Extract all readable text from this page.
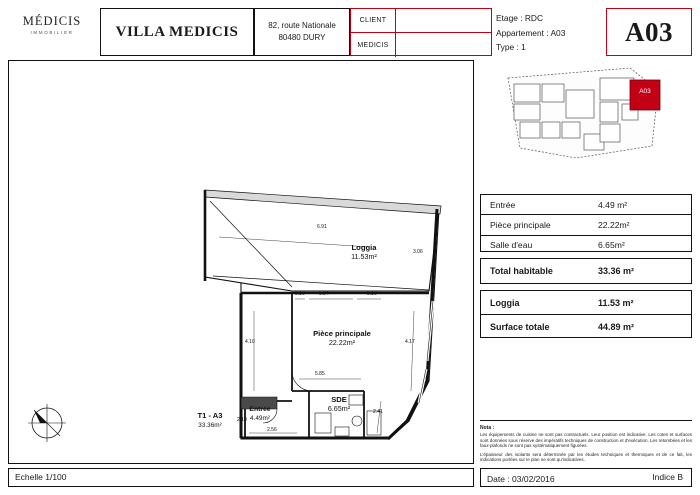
MÉDICIS
IMMOBILIER	VILLA MEDICIS	82, route Nationale
80480 DURY
CLIENT
MEDICIS
Etage : RDC
Appartement : A03
Type : 1
A03
Loggia
11.53m²
Pièce principale
22.22m²
SDE
6.65m²
Entrée
4.49m²
T1 - A3
33.36m²
6.91
3.06
3.10	5.84	3.10
4.10	4.17
5.85
2.10
2.56
2.41
Echelle 1/100
A03
Entrée	4.49 m²
Pièce principale	22.22m²
Salle d'eau	6.65m²
Total habitable	33.36 m²
Loggia	11.53 m²
Surface totale	44.89 m²
Nota :
Les équipements de cuisine ne sont pas contractuels. Leur position est indicative. Les cotes et surfaces sont données sous réserve des impératifs techniques de construction et d'exécution. Les retombées et les faux-plafonds ne sont pas systématiquement figurées.
L'épaisseur des isolants sera déterminée par les études techniques et thermiques et de ce fait, les indications portées sur le plan ne sont qu'indicatives.
Date : 03/02/2016	Indice B
